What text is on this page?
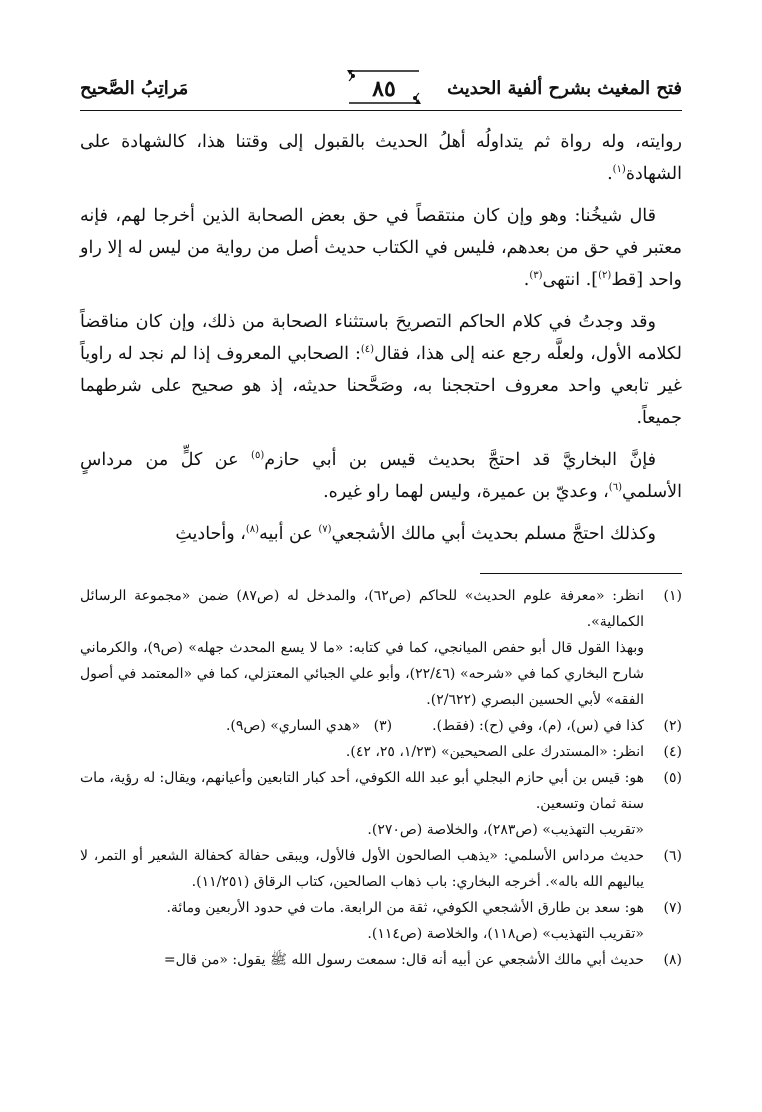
فتح المغيث بشرح ألفية الحديث
٨٥
مَراتِبُ الصَّحيح

روايته، وله رواة ثم يتداولُه أهلُ الحديث بالقبول إلى وقتنا هذا، كالشهادة على الشهادة$^{(١)}$.

قال شيخُنا: وهو وإن كان منتقصاً في حق بعض الصحابة الذين أخرجا لهم، فإنه معتبر في حق من بعدهم، فليس في الكتاب حديث أصل من رواية من ليس له إلا راو واحد [قط$^{(٢)}$]. انتهى$^{(٣)}$.

وقد وجدتُ في كلام الحاكم التصريحَ باستثناء الصحابة من ذلك، وإن كان مناقضاً لكلامه الأول، ولعلَّه رجع عنه إلى هذا، فقال$^{(٤)}$: الصحابي المعروف إذا لم نجد له راوياً غير تابعي واحد معروف احتججنا به، وصَحَّحنا حديثه، إذ هو صحيح على شرطهما جميعاً.

فإنَّ البخاريَّ قد احتجَّ بحديث قيس بن أبي حازم$^{(٥)}$ عن كلٍّ من مرداسٍ الأسلمي$^{(٦)}$، وعديّ بن عميرة، وليس لهما راو غيره.

وكذلك احتجَّ مسلم بحديث أبي مالك الأشجعي$^{(٧)}$ عن أبيه$^{(٨)}$، وأحاديثِ

(١)
انظر: «معرفة علوم الحديث» للحاكم (ص٦٢)، والمدخل له (ص٨٧) ضمن «مجموعة الرسائل الكمالية».
وبهذا القول قال أبو حفص الميانجي، كما في كتابه: «ما لا يسع المحدث جهله» (ص٩)، والكرماني شارح البخاري كما في «شرحه» (٢٢/٤٦)، وأبو علي الجبائي المعتزلي، كما في «المعتمد في أصول الفقه» لأبي الحسين البصري (٢/٦٢٢).
(٢)
كذا في (س)، (م)، وفي (ح): (فقط).
(٣)
«هدي الساري» (ص٩).
(٤)
انظر: «المستدرك على الصحيحين» (١/٢٣، ٢٥، ٤٢).
(٥)
هو: قيس بن أبي حازم البجلي أبو عبد الله الكوفي، أحد كبار التابعين وأعيانهم، ويقال: له رؤية، مات سنة ثمان وتسعين.
«تقريب التهذيب» (ص٢٨٣)، والخلاصة (ص٢٧٠).
(٦)
حديث مرداس الأسلمي: «يذهب الصالحون الأول فالأول، ويبقى حفالة كحفالة الشعير أو التمر، لا يباليهم الله باله». أخرجه البخاري: باب ذهاب الصالحين، كتاب الرقاق (١١/٢٥١).
(٧)
هو: سعد بن طارق الأشجعي الكوفي، ثقة من الرابعة. مات في حدود الأربعين ومائة.
«تقريب التهذيب» (ص١١٨)، والخلاصة (ص١١٤).
(٨)
حديث أبي مالك الأشجعي عن أبيه أنه قال: سمعت رسول الله ﷺ يقول: «من قال=
